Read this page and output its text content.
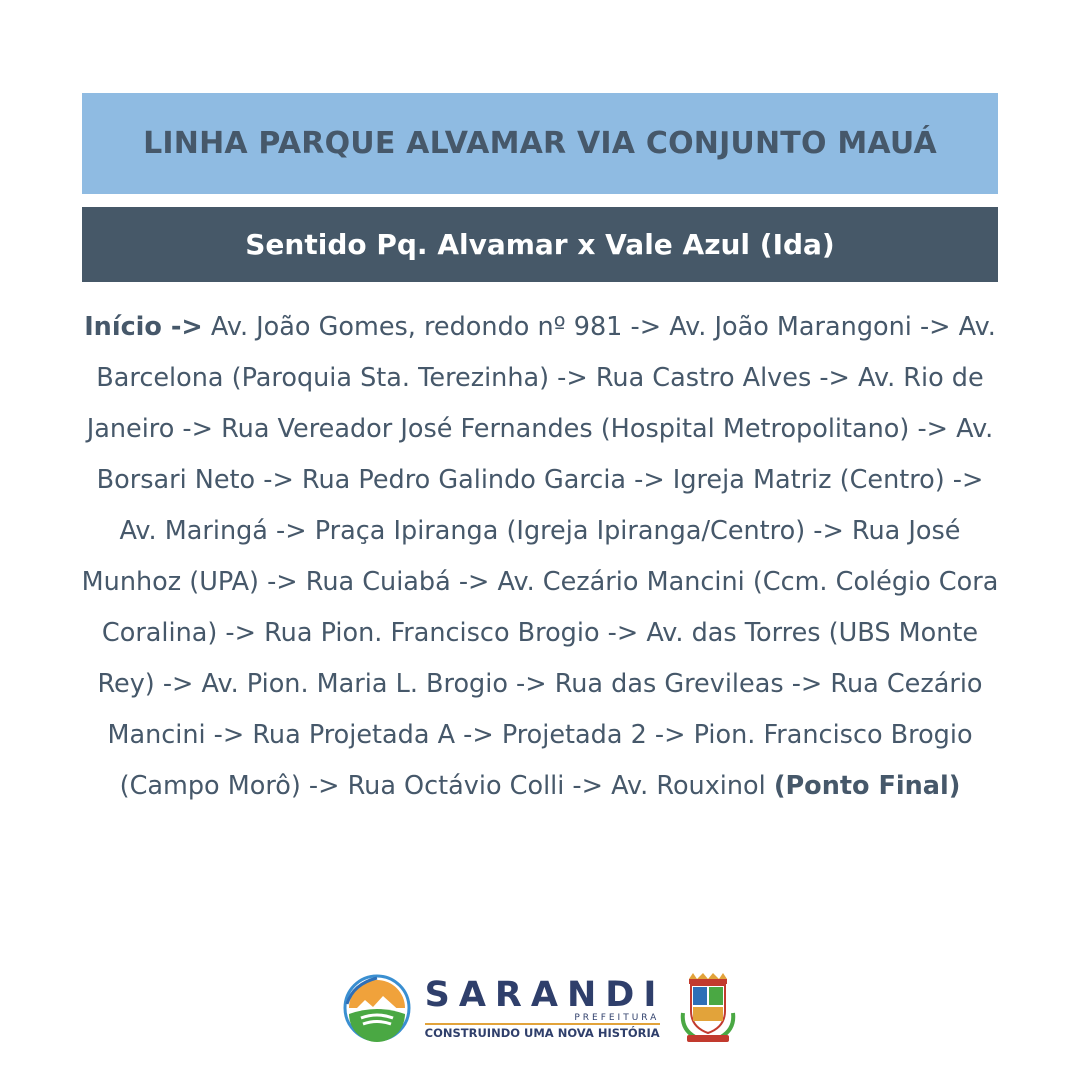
LINHA PARQUE ALVAMAR VIA CONJUNTO MAUÁ
Sentido Pq. Alvamar x Vale Azul (Ida)
Início -> Av. João Gomes, redondo nº 981 -> Av. João Marangoni -> Av. Barcelona (Paroquia Sta. Terezinha) -> Rua Castro Alves -> Av. Rio de Janeiro -> Rua Vereador José Fernandes (Hospital Metropolitano) -> Av. Borsari Neto -> Rua Pedro Galindo Garcia -> Igreja Matriz (Centro) -> Av. Maringá -> Praça Ipiranga (Igreja Ipiranga/Centro) -> Rua José Munhoz (UPA) -> Rua Cuiabá -> Av. Cezário Mancini (Ccm. Colégio Cora Coralina) -> Rua Pion. Francisco Brogio -> Av. das Torres (UBS Monte Rey) -> Av. Pion. Maria L. Brogio -> Rua das Grevileas -> Rua Cezário Mancini -> Rua Projetada A -> Projetada 2 -> Pion. Francisco Brogio (Campo Morô) -> Rua Octávio Colli -> Av. Rouxinol (Ponto Final)
SARANDI
PREFEITURA
CONSTRUINDO UMA NOVA HISTÓRIA
